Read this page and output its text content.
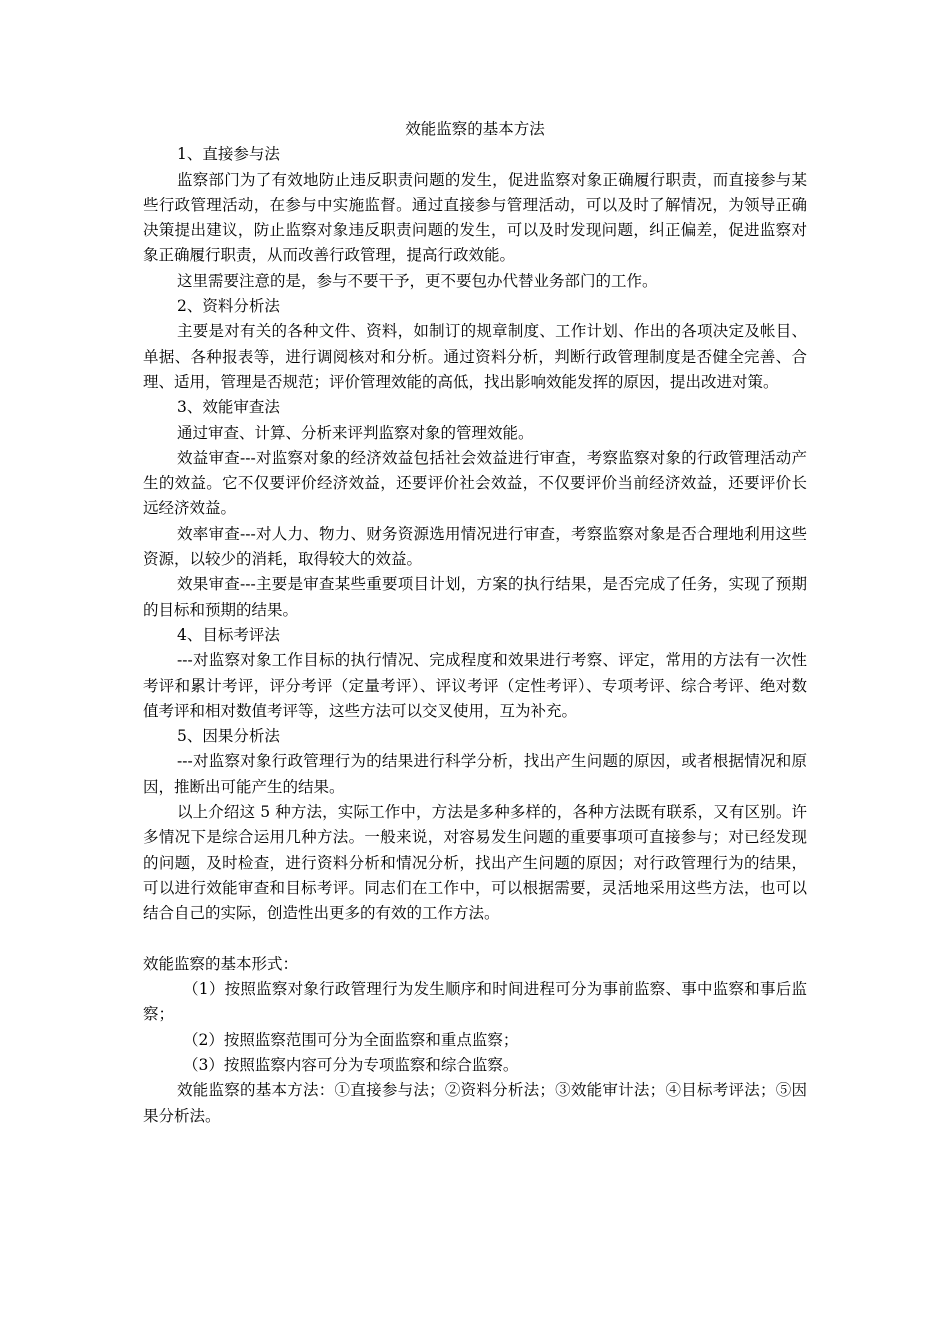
效能监察的基本方法

1、直接参与法

监察部门为了有效地防止违反职责问题的发生，促进监察对象正确履行职责，而直接参与某些行政管理活动，在参与中实施监督。通过直接参与管理活动，可以及时了解情况，为领导正确决策提出建议，防止监察对象违反职责问题的发生，可以及时发现问题，纠正偏差，促进监察对象正确履行职责，从而改善行政管理，提高行政效能。

这里需要注意的是，参与不要干予，更不要包办代替业务部门的工作。

2、资料分析法

主要是对有关的各种文件、资料，如制订的规章制度、工作计划、作出的各项决定及帐目、单据、各种报表等，进行调阅核对和分析。通过资料分析，判断行政管理制度是否健全完善、合理、适用，管理是否规范；评价管理效能的高低，找出影响效能发挥的原因，提出改进对策。

3、效能审查法

通过审查、计算、分析来评判监察对象的管理效能。

效益审查---对监察对象的经济效益包括社会效益进行审查，考察监察对象的行政管理活动产生的效益。它不仅要评价经济效益，还要评价社会效益，不仅要评价当前经济效益，还要评价长远经济效益。

效率审查---对人力、物力、财务资源选用情况进行审查，考察监察对象是否合理地利用这些资源，以较少的消耗，取得较大的效益。

效果审查---主要是审查某些重要项目计划，方案的执行结果，是否完成了任务，实现了预期的目标和预期的结果。

4、目标考评法

---对监察对象工作目标的执行情况、完成程度和效果进行考察、评定，常用的方法有一次性考评和累计考评，评分考评（定量考评）、评议考评（定性考评）、专项考评、综合考评、绝对数值考评和相对数值考评等，这些方法可以交叉使用，互为补充。

5、因果分析法

---对监察对象行政管理行为的结果进行科学分析，找出产生问题的原因，或者根据情况和原因，推断出可能产生的结果。

以上介绍这 5 种方法，实际工作中，方法是多种多样的，各种方法既有联系，又有区别。许多情况下是综合运用几种方法。一般来说，对容易发生问题的重要事项可直接参与；对已经发现的问题，及时检查，进行资料分析和情况分析，找出产生问题的原因；对行政管理行为的结果，可以进行效能审查和目标考评。同志们在工作中，可以根据需要，灵活地采用这些方法，也可以结合自己的实际，创造性出更多的有效的工作方法。

效能监察的基本形式：

（1）按照监察对象行政管理行为发生顺序和时间进程可分为事前监察、事中监察和事后监察；

（2）按照监察范围可分为全面监察和重点监察；

（3）按照监察内容可分为专项监察和综合监察。

效能监察的基本方法：①直接参与法；②资料分析法；③效能审计法；④目标考评法；⑤因果分析法。
